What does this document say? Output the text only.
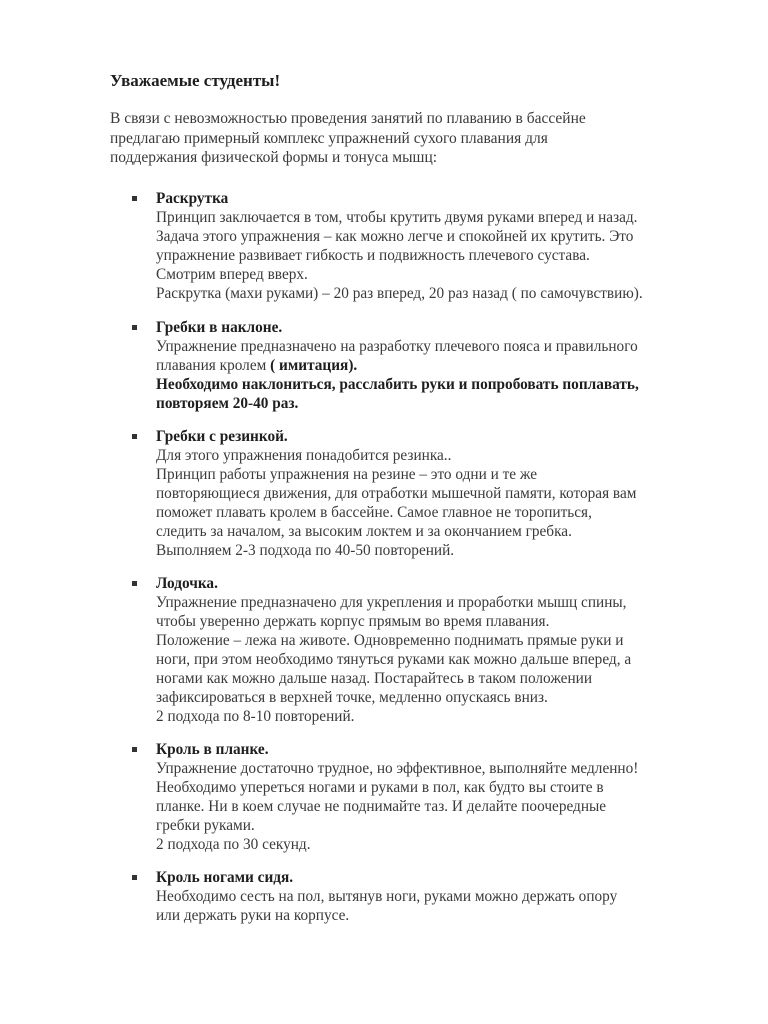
Уважаемые студенты!
В связи с невозможностью проведения занятий по плаванию в бассейне
предлагаю примерный комплекс упражнений сухого плавания для
поддержания физической формы и тонуса мышц:
Раскрутка
Принцип заключается в том, чтобы крутить двумя руками вперед и назад.
Задача этого упражнения – как можно легче и спокойней их крутить. Это
упражнение развивает гибкость и подвижность плечевого сустава.
Смотрим вперед вверх.
Раскрутка (махи руками) – 20 раз вперед, 20 раз назад ( по самочувствию).
Гребки в наклоне.
Упражнение предназначено на разработку плечевого пояса и правильного
плавания кролем ( имитация).
Необходимо наклониться, расслабить руки и попробовать поплавать,
повторяем 20-40 раз.
Гребки с резинкой.
Для этого упражнения понадобится резинка..
Принцип работы упражнения на резине – это одни и те же
повторяющиеся движения, для отработки мышечной памяти, которая вам
поможет плавать кролем в бассейне. Самое главное не торопиться,
следить за началом, за высоким локтем и за окончанием гребка.
Выполняем 2-3 подхода по 40-50 повторений.
Лодочка.
Упражнение предназначено для укрепления и проработки мышц спины,
чтобы уверенно держать корпус прямым во время плавания.
Положение – лежа на животе. Одновременно поднимать прямые руки и
ноги, при этом необходимо тянуться руками как можно дальше вперед, а
ногами как можно дальше назад. Постарайтесь в таком положении
зафиксироваться в верхней точке, медленно опускаясь вниз.
2 подхода по 8-10 повторений.
Кроль в планке.
Упражнение достаточно трудное, но эффективное, выполняйте медленно!
Необходимо упереться ногами и руками в пол, как будто вы стоите в
планке. Ни в коем случае не поднимайте таз. И делайте поочередные
гребки руками.
2 подхода по 30 секунд.
Кроль ногами сидя.
Необходимо сесть на пол, вытянув ноги, руками можно держать опору
или держать руки на корпусе.
